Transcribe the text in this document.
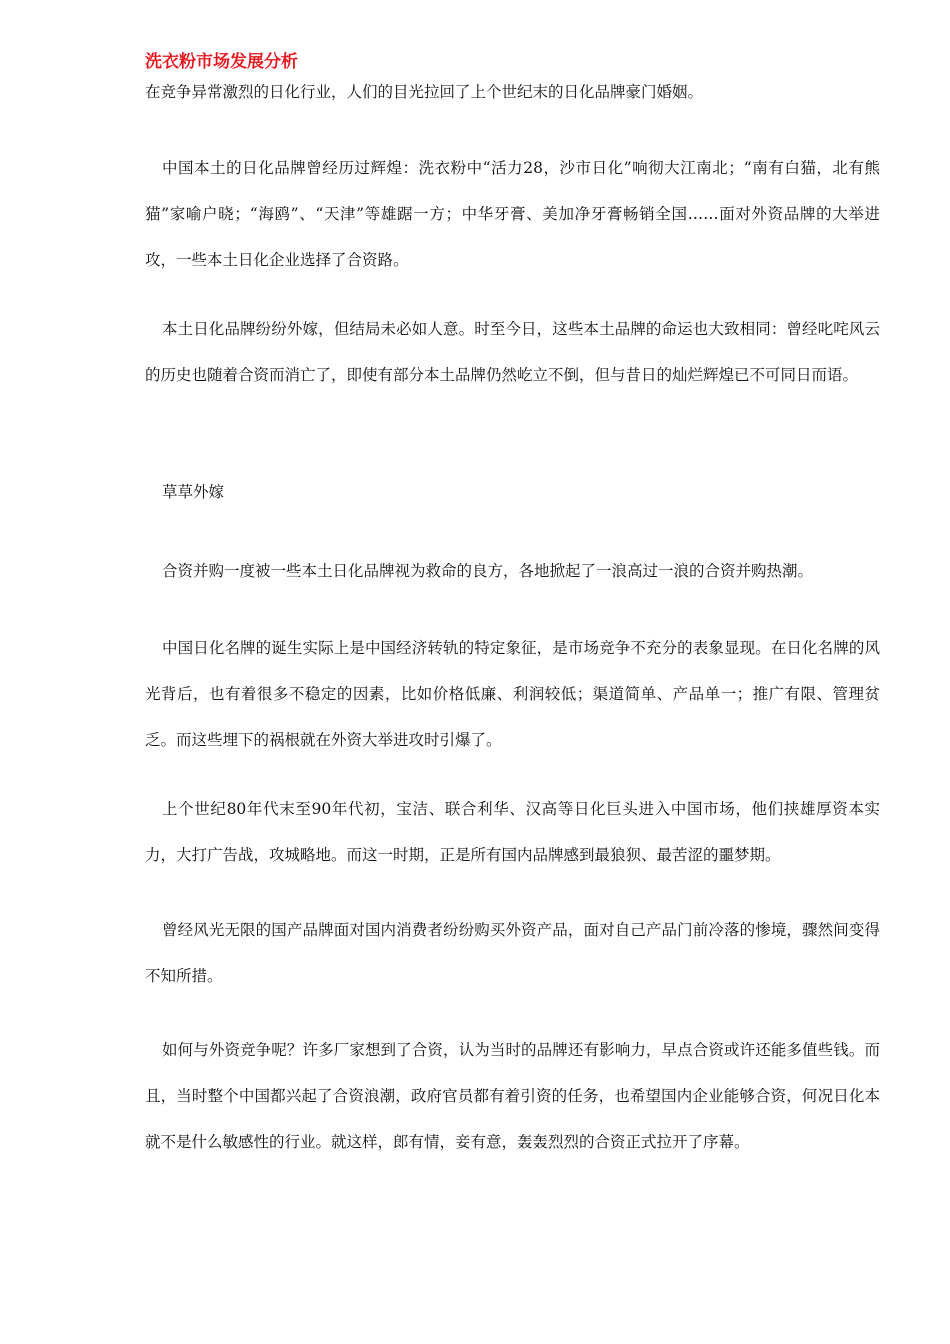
洗衣粉市场发展分析

在竞争异常激烈的日化行业，人们的目光拉回了上个世纪末的日化品牌豪门婚姻。

中国本土的日化品牌曾经历过辉煌：洗衣粉中“活力28，沙市日化”响彻大江南北；“南有白猫，北有熊猫”家喻户晓；“海鸥”、“天津”等雄踞一方；中华牙膏、美加净牙膏畅销全国……面对外资品牌的大举进攻，一些本土日化企业选择了合资路。

本土日化品牌纷纷外嫁，但结局未必如人意。时至今日，这些本土品牌的命运也大致相同：曾经叱咤风云的历史也随着合资而消亡了，即使有部分本土品牌仍然屹立不倒，但与昔日的灿烂辉煌已不可同日而语。

草草外嫁

合资并购一度被一些本土日化品牌视为救命的良方，各地掀起了一浪高过一浪的合资并购热潮。

中国日化名牌的诞生实际上是中国经济转轨的特定象征，是市场竞争不充分的表象显现。在日化名牌的风光背后，也有着很多不稳定的因素，比如价格低廉、利润较低；渠道简单、产品单一；推广有限、管理贫乏。而这些埋下的祸根就在外资大举进攻时引爆了。

上个世纪80年代末至90年代初，宝洁、联合利华、汉高等日化巨头进入中国市场，他们挟雄厚资本实力，大打广告战，攻城略地。而这一时期，正是所有国内品牌感到最狼狈、最苦涩的噩梦期。

曾经风光无限的国产品牌面对国内消费者纷纷购买外资产品，面对自己产品门前冷落的惨境，骤然间变得不知所措。

如何与外资竞争呢？许多厂家想到了合资，认为当时的品牌还有影响力，早点合资或许还能多值些钱。而且，当时整个中国都兴起了合资浪潮，政府官员都有着引资的任务，也希望国内企业能够合资，何况日化本就不是什么敏感性的行业。就这样，郎有情，妾有意，轰轰烈烈的合资正式拉开了序幕。
